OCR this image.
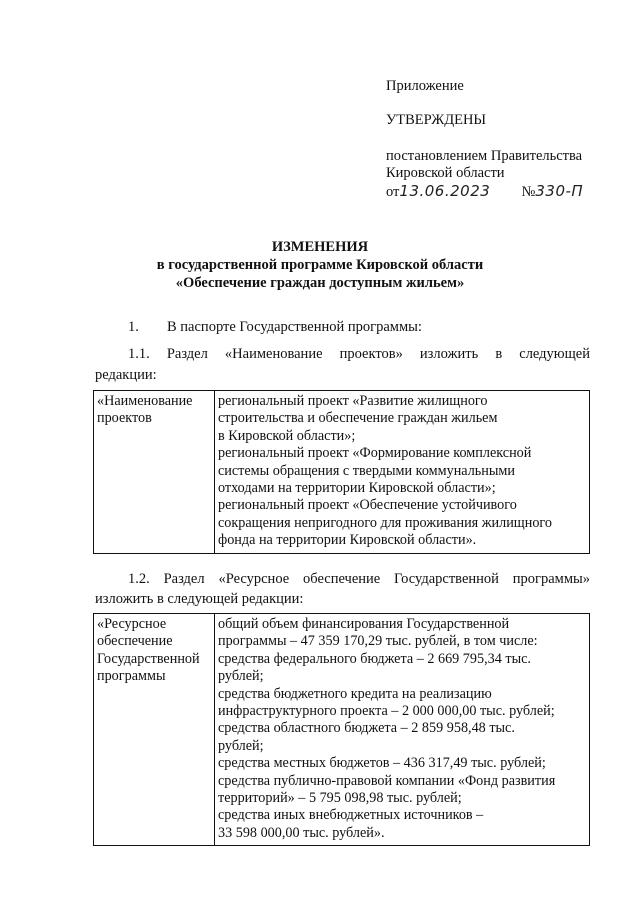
Приложение
УТВЕРЖДЕНЫ
постановлением Правительства
Кировской области
от13.06.2023 №330-П
ИЗМЕНЕНИЯ
в государственной программе Кировской области
«Обеспечение граждан доступным жильем»
1. В паспорте Государственной программы:
1.1. Раздел «Наименование проектов» изложить в следующей
редакции:
«Наименование
проектов

региональный проект «Развитие жилищного
строительства и обеспечение граждан жильем
в Кировской области»;
региональный проект «Формирование комплексной
системы обращения с твердыми коммунальными
отходами на территории Кировской области»;
региональный проект «Обеспечение устойчивого
сокращения непригодного для проживания жилищного
фонда на территории Кировской области».
1.2. Раздел «Ресурсное обеспечение Государственной программы»
изложить в следующей редакции:
«Ресурсное
обеспечение
Государственной
программы

общий объем финансирования Государственной
программы – 47 359 170,29 тыс. рублей, в том числе:
средства федерального бюджета – 2 669 795,34 тыс.
рублей;
средства бюджетного кредита на реализацию
инфраструктурного проекта – 2 000 000,00 тыс. рублей;
средства областного бюджета – 2 859 958,48 тыс.
рублей;
средства местных бюджетов – 436 317,49 тыс. рублей;
средства публично-правовой компании «Фонд развития
территорий» – 5 795 098,98 тыс. рублей;
средства иных внебюджетных источников –
33 598 000,00 тыс. рублей».
